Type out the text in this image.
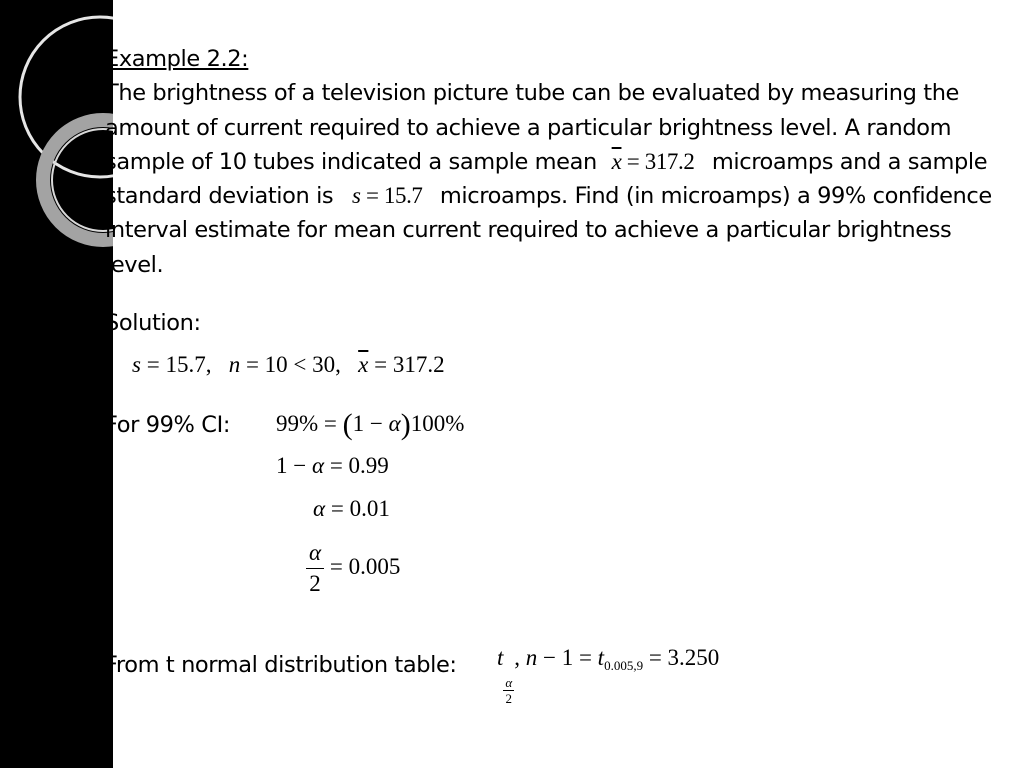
Example 2.2:
The brightness of a television picture tube can be evaluated by measuring the
amount of current required to achieve a particular brightness level. A random
sample of 10 tubes indicated a sample mean $\overline{x} = 317.2$ microamps and a sample
standard deviation is s = 15.7 microamps. Find (in microamps) a 99% confidence
interval estimate for mean current required to achieve a particular brightness
level.
Solution:
s = 15.7,   n = 10 < 30,   $\overline{x} = 317.2$
For 99% CI: 99% = (1 − α)100%
1 − α = 0.99
α = 0.01
$\frac{\alpha}{2} = 0.005$
From t normal distribution table: t
$\frac{\alpha}{2}$
, $n - 1 = t_{0.005,9} = 3.250$
